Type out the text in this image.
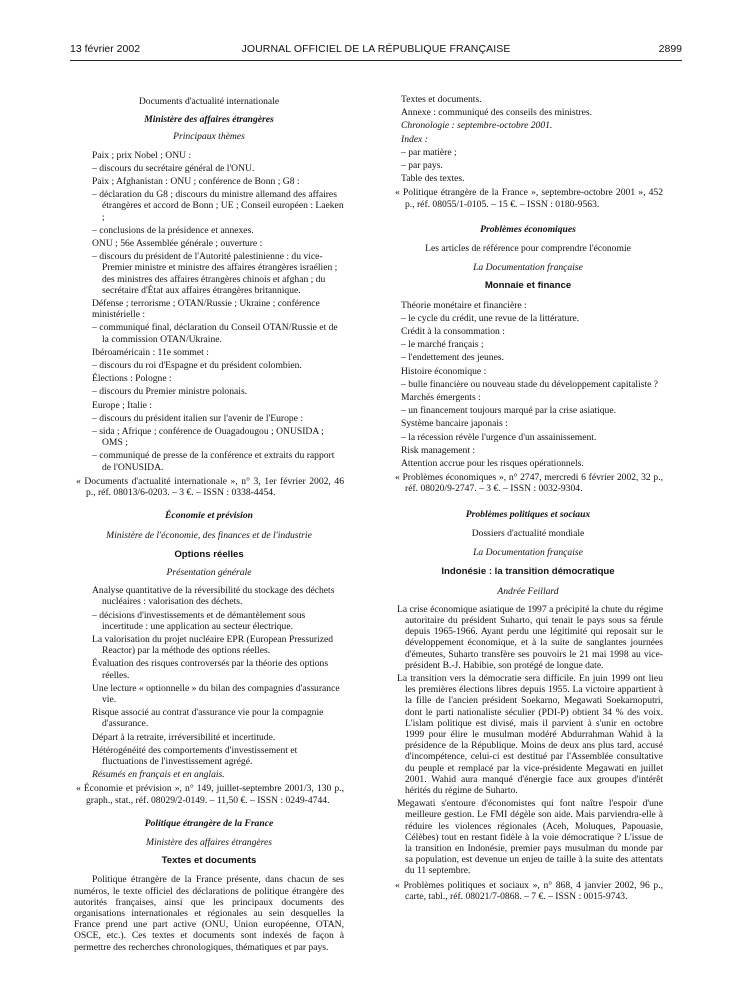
13 février 2002	JOURNAL OFFICIEL DE LA RÉPUBLIQUE FRANÇAISE	2899

Documents d'actualité internationale

Ministère des affaires étrangères

Principaux thèmes

Paix ; prix Nobel ; ONU :

– discours du secrétaire général de l'ONU.

Paix ; Afghanistan : ONU ; conférence de Bonn ; G8 :

– déclaration du G8 ; discours du ministre allemand des affaires étrangères et accord de Bonn ; UE ; Conseil européen : Laeken ;

– conclusions de la présidence et annexes.

ONU ; 56e Assemblée générale ; ouverture :

– discours du président de l'Autorité palestinienne : du vice-Premier ministre et ministre des affaires étrangères israélien ; des ministres des affaires étrangères chinois et afghan ; du secrétaire d'État aux affaires étrangères britannique.

Défense ; terrorisme ; OTAN/Russie ; Ukraine ; conférence ministérielle :

– communiqué final, déclaration du Conseil OTAN/Russie et de la commission OTAN/Ukraine.

Ibéroaméricain : 11e sommet :

– discours du roi d'Espagne et du président colombien.

Élections : Pologne :

– discours du Premier ministre polonais.

Europe ; Italie :

– discours du président italien sur l'avenir de l'Europe :

– sida ; Afrique ; conférence de Ouagadougou ; ONUSIDA ; OMS ;

– communiqué de presse de la conférence et extraits du rapport de l'ONUSIDA.

« Documents d'actualité internationale », n° 3, 1er février 2002, 46 p., réf. 08013/6-0203. – 3 €. – ISSN : 0338-4454.

Économie et prévision

Ministère de l'économie, des finances et de l'industrie

Options réelles

Présentation générale

Analyse quantitative de la réversibilité du stockage des déchets nucléaires : valorisation des déchets.

– décisions d'investissements et de démantèlement sous incertitude : une application au secteur électrique.

La valorisation du projet nucléaire EPR (European Pressurized Reactor) par la méthode des options réelles.

Évaluation des risques controversés par la théorie des options réelles.

Une lecture « optionnelle » du bilan des compagnies d'assurance vie.

Risque associé au contrat d'assurance vie pour la compagnie d'assurance.

Départ à la retraite, irréversibilité et incertitude.

Hétérogénéité des comportements d'investissement et fluctuations de l'investissement agrégé.

Résumés en français et en anglais.

« Économie et prévision », n° 149, juillet-septembre 2001/3, 130 p., graph., stat., réf. 08029/2-0149. – 11,50 €. – ISSN : 0249-4744.

Politique étrangère de la France

Ministère des affaires étrangères

Textes et documents

Politique étrangère de la France présente, dans chacun de ses numéros, le texte officiel des déclarations de politique étrangère des autorités françaises, ainsi que les principaux documents des organisations internationales et régionales au sein desquelles la France prend une part active (ONU, Union européenne, OTAN, OSCE, etc.). Ces textes et documents sont indexés de façon à permettre des recherches chronologiques, thématiques et par pays.

Textes et documents.

Annexe : communiqué des conseils des ministres.

Chronologie : septembre-octobre 2001.

Index :

– par matière ;

– par pays.

Table des textes.

« Politique étrangère de la France », septembre-octobre 2001 », 452 p., réf. 08055/1-0105. – 15 €. – ISSN : 0180-9563.

Problèmes économiques

Les articles de référence pour comprendre l'économie

La Documentation française

Monnaie et finance

Théorie monétaire et financière :

– le cycle du crédit, une revue de la littérature.

Crédit à la consommation :

– le marché français ;

– l'endettement des jeunes.

Histoire économique :

– bulle financière ou nouveau stade du développement capitaliste ?

Marchés émergents :

– un financement toujours marqué par la crise asiatique.

Système bancaire japonais :

– la récession révèle l'urgence d'un assainissement.

Risk management :

Attention accrue pour les risques opérationnels.

« Problèmes économiques », n° 2747, mercredi 6 février 2002, 32 p., réf. 08020/9-2747. – 3 €. – ISSN : 0032-9304.

Problèmes politiques et sociaux

Dossiers d'actualité mondiale

La Documentation française

Indonésie : la transition démocratique

Andrée Feillard

La crise économique asiatique de 1997 a précipité la chute du régime autoritaire du président Suharto, qui tenait le pays sous sa férule depuis 1965-1966. Ayant perdu une légitimité qui reposait sur le développement économique, et à la suite de sanglantes journées d'émeutes, Suharto transfère ses pouvoirs le 21 mai 1998 au vice-président B.-J. Habibie, son protégé de longue date.

La transition vers la démocratie sera difficile. En juin 1999 ont lieu les premières élections libres depuis 1955. La victoire appartient à la fille de l'ancien président Soekarno, Megawati Soekarnoputri, dont le parti nationaliste séculier (PDI-P) obtient 34 % des voix. L'islam politique est divisé, mais il parvient à s'unir en octobre 1999 pour élire le musulman modéré Abdurrahman Wahid à la présidence de la République. Moins de deux ans plus tard, accusé d'incompétence, celui-ci est destitué par l'Assemblée consultative du peuple et remplacé par la vice-présidente Megawati en juillet 2001. Wahid aura manqué d'énergie face aux groupes d'intérêt hérités du régime de Suharto.

Megawati s'entoure d'économistes qui font naître l'espoir d'une meilleure gestion. Le FMI dégèle son aide. Mais parviendra-elle à réduire les violences régionales (Aceh, Moluques, Papouasie, Célèbes) tout en restant fidèle à la voie démocratique ? L'issue de la transition en Indonésie, premier pays musulman du monde par sa population, est devenue un enjeu de taille à la suite des attentats du 11 septembre.

« Problèmes politiques et sociaux », n° 868, 4 janvier 2002, 96 p., carte, tabl., réf. 08021/7-0868. – 7 €. – ISSN : 0015-9743.
